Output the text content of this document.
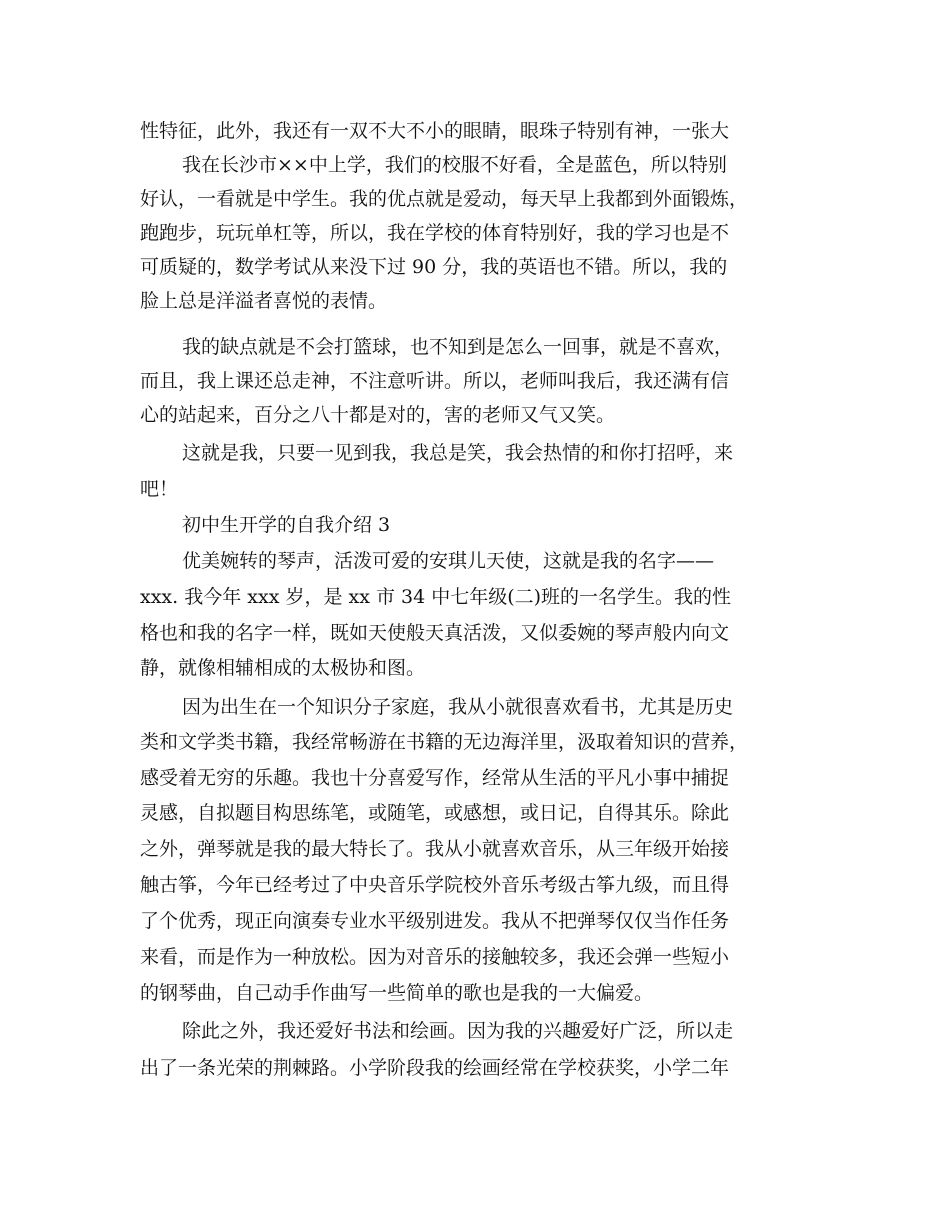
性特征，此外，我还有一双不大不小的眼睛，眼珠子特别有神，一张大
我在长沙市××中上学，我们的校服不好看，全是蓝色，所以特别
好认，一看就是中学生。我的优点就是爱动，每天早上我都到外面锻炼，
跑跑步，玩玩单杠等，所以，我在学校的体育特别好，我的学习也是不
可质疑的，数学考试从来没下过 90 分，我的英语也不错。所以，我的
脸上总是洋溢者喜悦的表情。
我的缺点就是不会打篮球，也不知到是怎么一回事，就是不喜欢，
而且，我上课还总走神，不注意听讲。所以，老师叫我后，我还满有信
心的站起来，百分之八十都是对的，害的老师又气又笑。
这就是我，只要一见到我，我总是笑，我会热情的和你打招呼，来
吧！
初中生开学的自我介绍 3
优美婉转的琴声，活泼可爱的安琪儿天使，这就是我的名字——
xxx. 我今年 xxx 岁，是 xx 市 34 中七年级(二)班的一名学生。我的性
格也和我的名字一样，既如天使般天真活泼，又似委婉的琴声般内向文
静，就像相辅相成的太极协和图。
因为出生在一个知识分子家庭，我从小就很喜欢看书，尤其是历史
类和文学类书籍，我经常畅游在书籍的无边海洋里，汲取着知识的营养，
感受着无穷的乐趣。我也十分喜爱写作，经常从生活的平凡小事中捕捉
灵感，自拟题目构思练笔，或随笔，或感想，或日记，自得其乐。除此
之外，弹琴就是我的最大特长了。我从小就喜欢音乐，从三年级开始接
触古筝，今年已经考过了中央音乐学院校外音乐考级古筝九级，而且得
了个优秀，现正向演奏专业水平级别进发。我从不把弹琴仅仅当作任务
来看，而是作为一种放松。因为对音乐的接触较多，我还会弹一些短小
的钢琴曲，自己动手作曲写一些简单的歌也是我的一大偏爱。
除此之外，我还爱好书法和绘画。因为我的兴趣爱好广泛，所以走
出了一条光荣的荆棘路。小学阶段我的绘画经常在学校获奖，小学二年
